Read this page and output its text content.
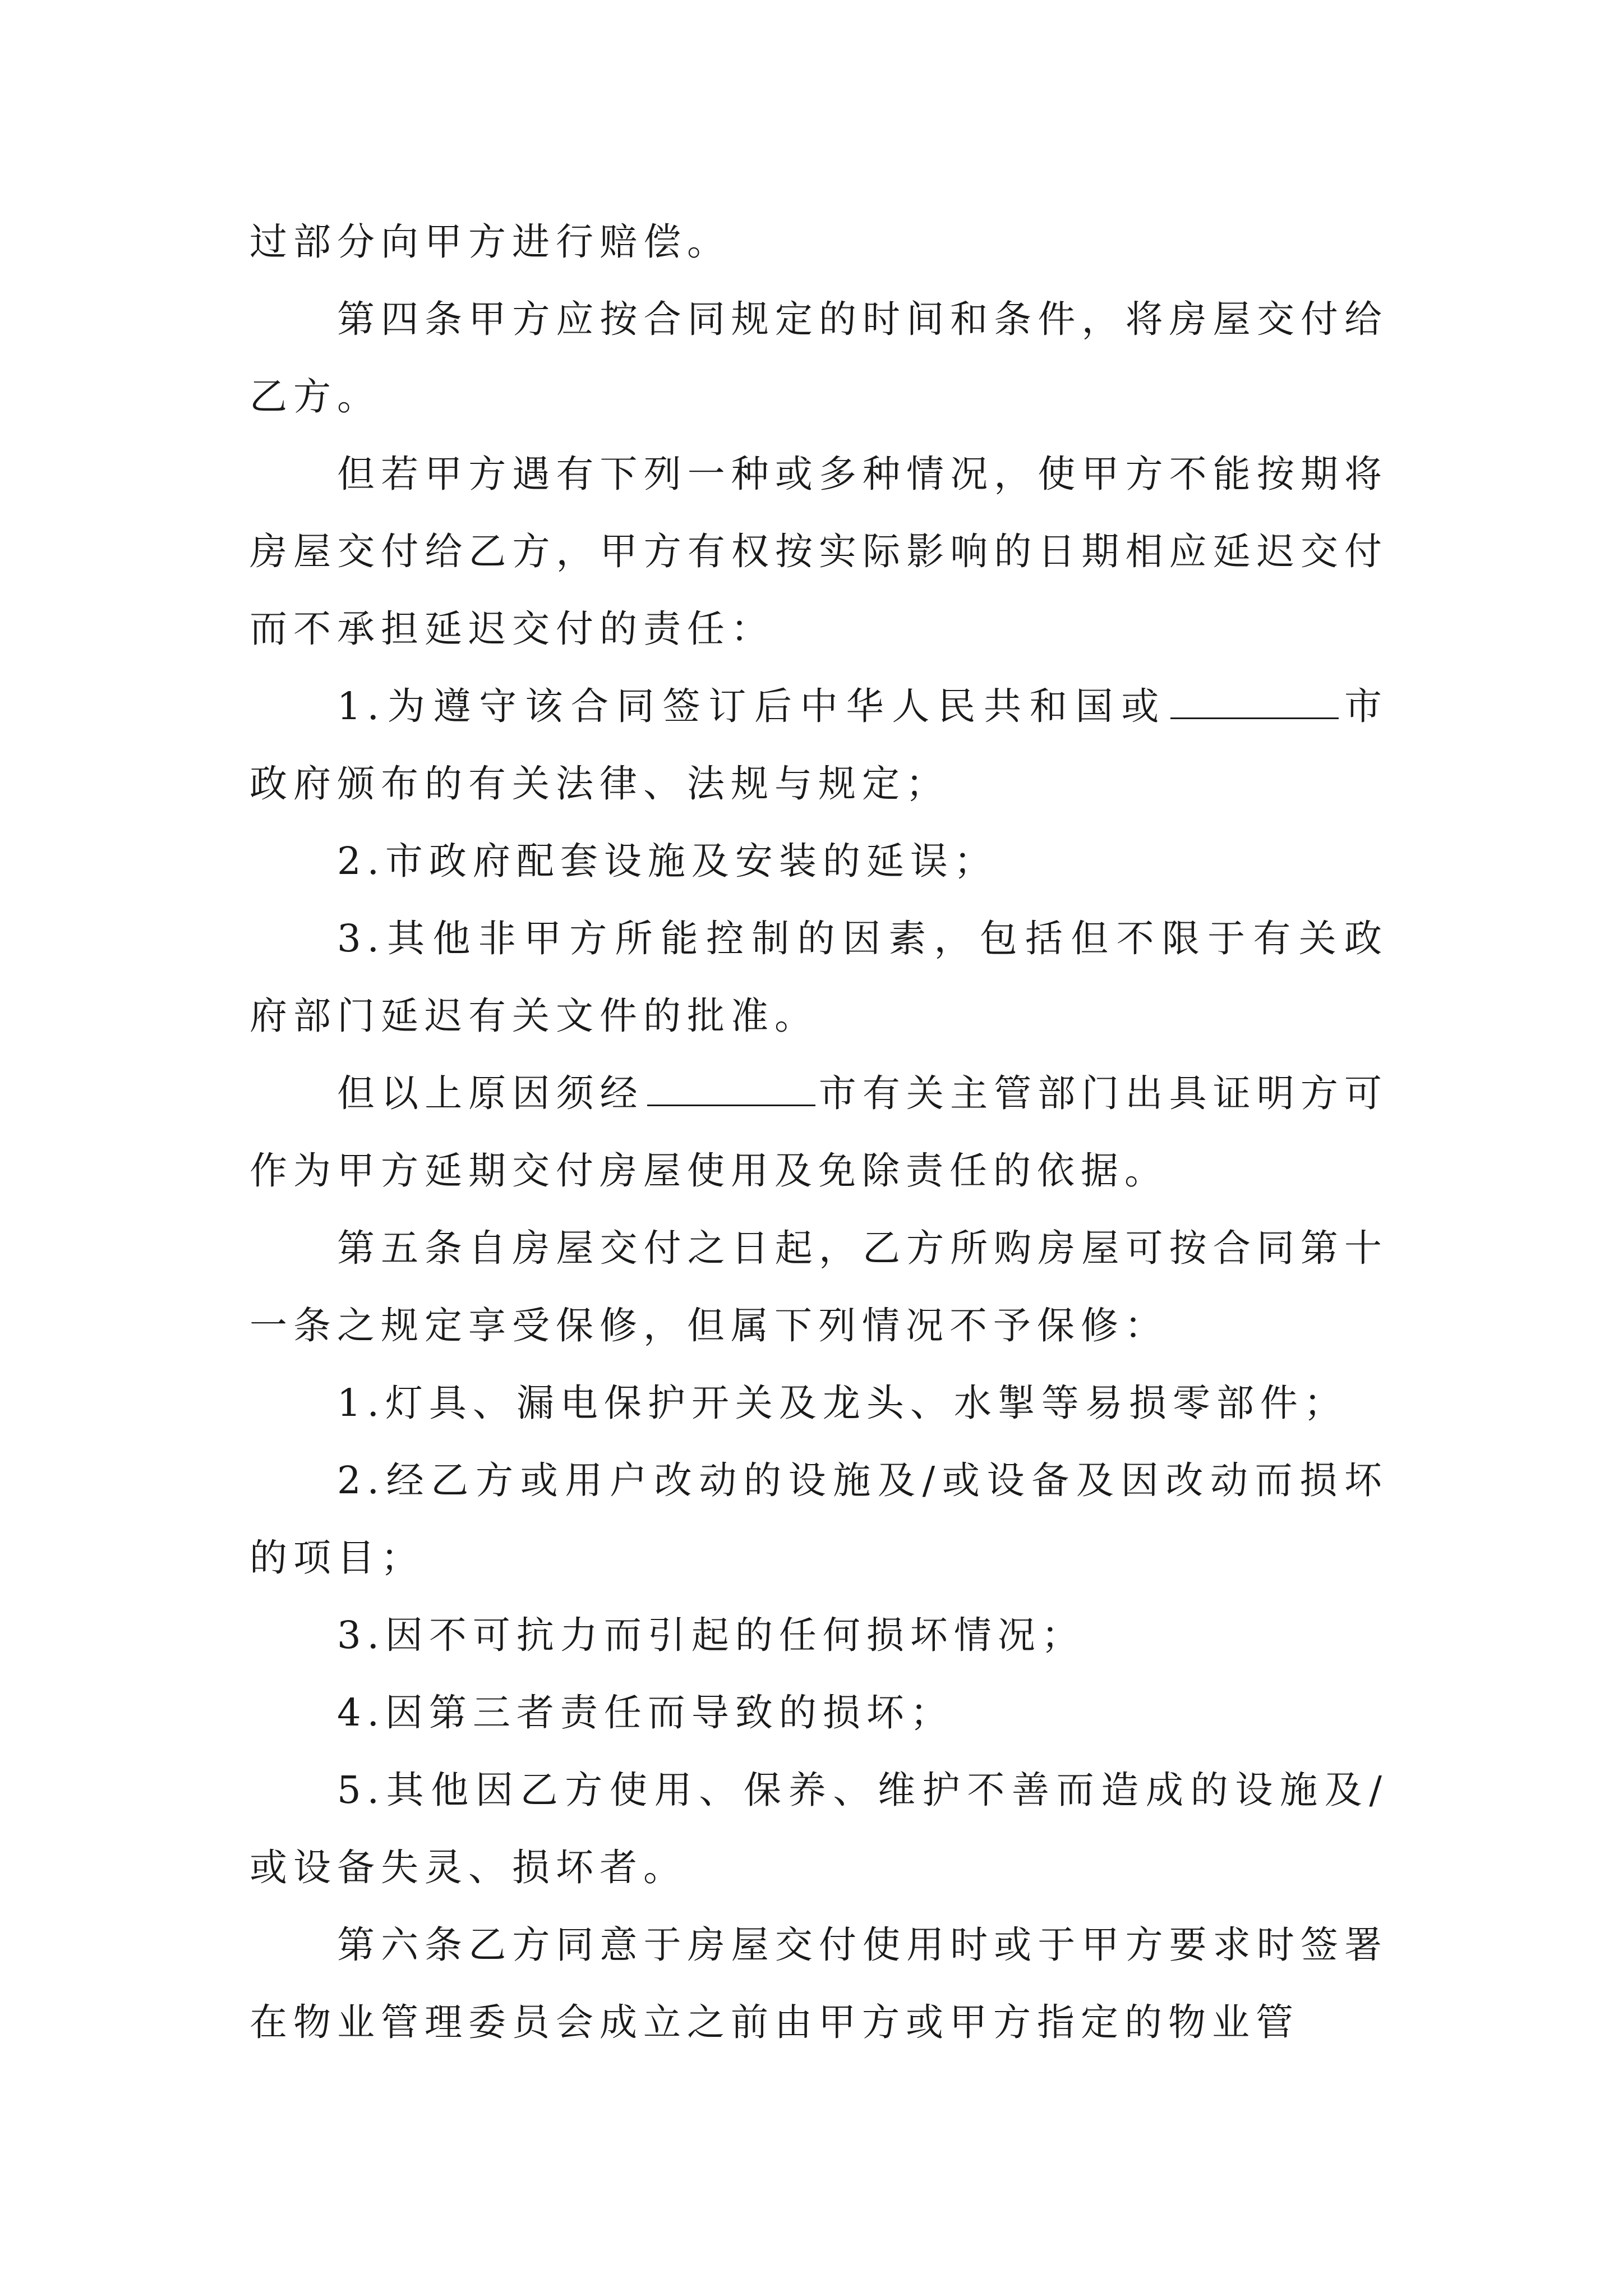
过部分向甲方进行赔偿。

第四条甲方应按合同规定的时间和条件，将房屋交付给乙方。

但若甲方遇有下列一种或多种情况，使甲方不能按期将房屋交付给乙方，甲方有权按实际影响的日期相应延迟交付而不承担延迟交付的责任：

1.为遵守该合同签订后中华人民共和国或	市政府颁布的有关法律、法规与规定；

2.市政府配套设施及安装的延误；

3.其他非甲方所能控制的因素，包括但不限于有关政府部门延迟有关文件的批准。

但以上原因须经	市有关主管部门出具证明方可作为甲方延期交付房屋使用及免除责任的依据。

第五条自房屋交付之日起，乙方所购房屋可按合同第十一条之规定享受保修，但属下列情况不予保修：

1.灯具、漏电保护开关及龙头、水掣等易损零部件；

2.经乙方或用户改动的设施及/或设备及因改动而损坏的项目；

3.因不可抗力而引起的任何损坏情况；

4.因第三者责任而导致的损坏；

5.其他因乙方使用、保养、维护不善而造成的设施及/或设备失灵、损坏者。

第六条乙方同意于房屋交付使用时或于甲方要求时签署在物业管理委员会成立之前由甲方或甲方指定的物业管
